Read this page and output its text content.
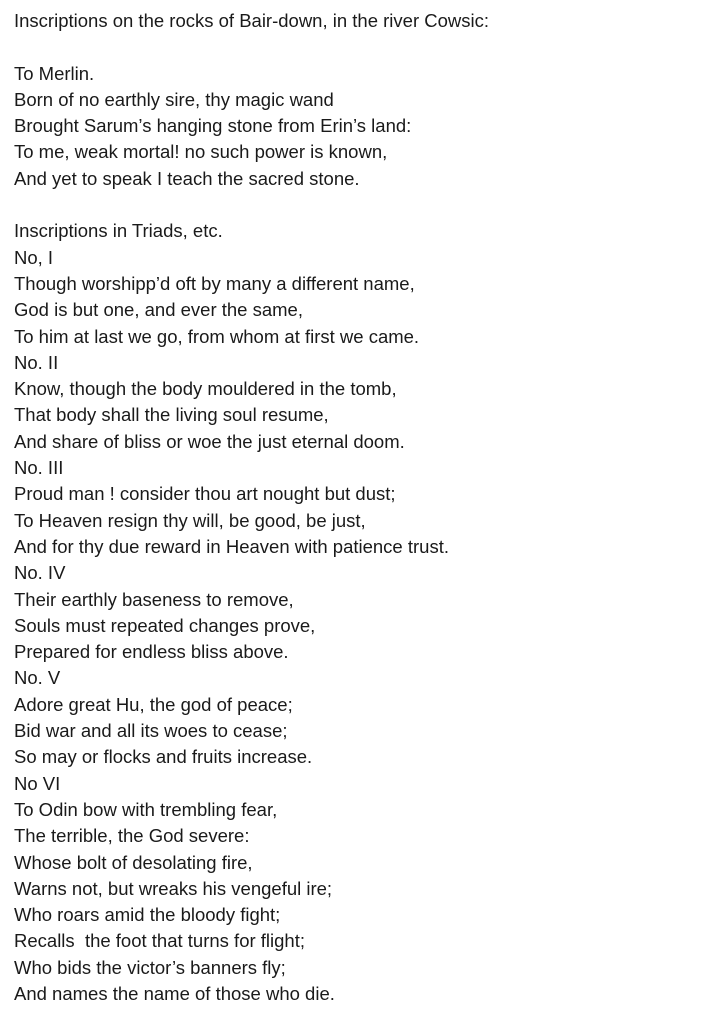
Inscriptions on the rocks of Bair-down, in the river Cowsic:
To Merlin.
Born of no earthly sire, thy magic wand
Brought Sarum’s hanging stone from Erin’s land:
To me, weak mortal! no such power is known,
And yet to speak I teach the sacred stone.
Inscriptions in Triads, etc.
No, I
Though worshipp’d oft by many a different name,
God is but one, and ever the same,
To him at last we go, from whom at first we came.
No. II
Know, though the body mouldered in the tomb,
That body shall the living soul resume,
And share of bliss or woe the just eternal doom.
No. III
Proud man ! consider thou art nought but dust;
To Heaven resign thy will, be good, be just,
And for thy due reward in Heaven with patience trust.
No. IV
Their earthly baseness to remove,
Souls must repeated changes prove,
Prepared for endless bliss above.
No. V
Adore great Hu, the god of peace;
Bid war and all its woes to cease;
So may or flocks and fruits increase.
No VI
To Odin bow with trembling fear,
The terrible, the God severe:
Whose bolt of desolating fire,
Warns not, but wreaks his vengeful ire;
Who roars amid the bloody fight;
Recalls  the foot that turns for flight;
Who bids the victor’s banners fly;
And names the name of those who die.
